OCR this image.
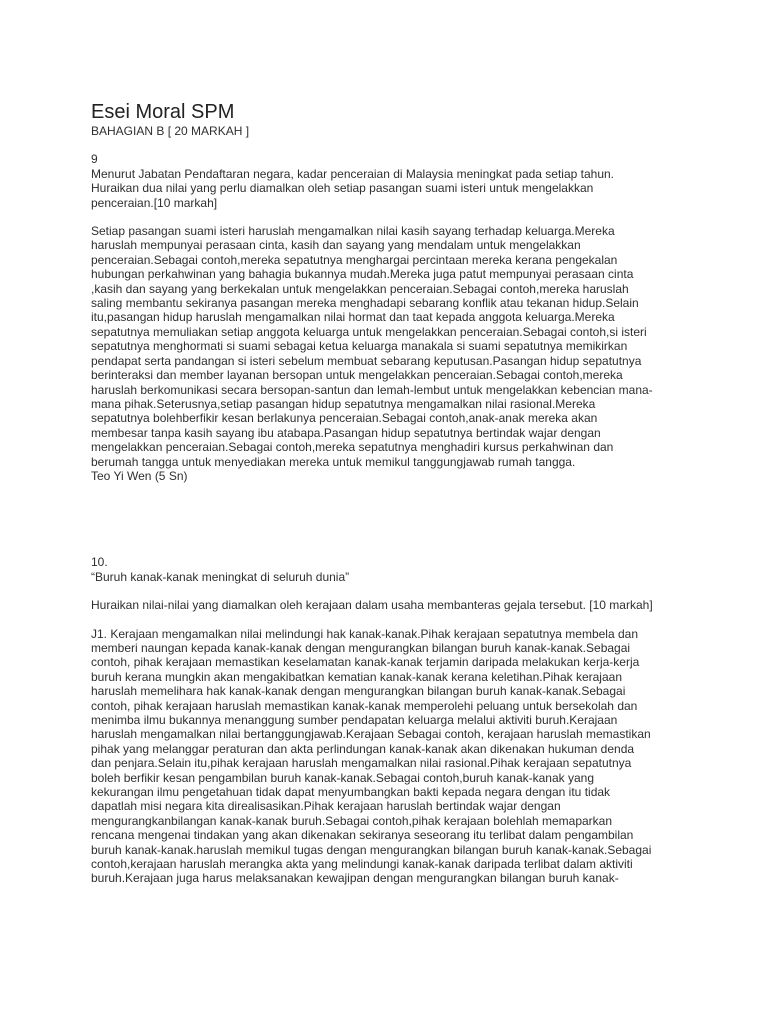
Esei Moral SPM

BAHAGIAN B [ 20 MARKAH ]

9

Menurut Jabatan Pendaftaran negara, kadar penceraian di Malaysia meningkat pada setiap tahun.
Huraikan dua nilai yang perlu diamalkan oleh setiap pasangan suami isteri untuk mengelakkan
penceraian.[10 markah]

Setiap pasangan suami isteri haruslah mengamalkan nilai kasih sayang terhadap keluarga.Mereka
haruslah mempunyai perasaan cinta, kasih dan sayang yang mendalam untuk mengelakkan
penceraian.Sebagai contoh,mereka sepatutnya menghargai percintaan mereka kerana pengekalan
hubungan perkahwinan yang bahagia bukannya mudah.Mereka juga patut mempunyai perasaan cinta
,kasih dan sayang yang berkekalan untuk mengelakkan penceraian.Sebagai contoh,mereka haruslah
saling membantu sekiranya pasangan mereka menghadapi sebarang konflik atau tekanan hidup.Selain
itu,pasangan hidup haruslah mengamalkan nilai hormat dan taat kepada anggota keluarga.Mereka
sepatutnya memuliakan setiap anggota keluarga untuk mengelakkan penceraian.Sebagai contoh,si isteri
sepatutnya menghormati si suami sebagai ketua keluarga manakala si suami sepatutnya memikirkan
pendapat serta pandangan si isteri sebelum membuat sebarang keputusan.Pasangan hidup sepatutnya
berinteraksi dan member layanan bersopan untuk mengelakkan penceraian.Sebagai contoh,mereka
haruslah berkomunikasi secara bersopan-santun dan lemah-lembut untuk mengelakkan kebencian mana-
mana pihak.Seterusnya,setiap pasangan hidup sepatutnya mengamalkan nilai rasional.Mereka
sepatutnya bolehberfikir kesan berlakunya penceraian.Sebagai contoh,anak-anak mereka akan
membesar tanpa kasih sayang ibu atabapa.Pasangan hidup sepatutnya bertindak wajar dengan
mengelakkan penceraian.Sebagai contoh,mereka sepatutnya menghadiri kursus perkahwinan dan
berumah tangga untuk menyediakan mereka untuk memikul tanggungjawab rumah tangga.

Teo Yi Wen (5 Sn)

10.

“Buruh kanak-kanak meningkat di seluruh dunia”

Huraikan nilai-nilai yang diamalkan oleh kerajaan dalam usaha membanteras gejala tersebut. [10 markah]

J1. Kerajaan mengamalkan nilai melindungi hak kanak-kanak.Pihak kerajaan sepatutnya membela dan
memberi naungan kepada kanak-kanak dengan mengurangkan bilangan buruh kanak-kanak.Sebagai
contoh, pihak kerajaan memastikan keselamatan kanak-kanak terjamin daripada melakukan kerja-kerja
buruh kerana mungkin akan mengakibatkan kematian kanak-kanak kerana keletihan.Pihak kerajaan
haruslah memelihara hak kanak-kanak dengan mengurangkan bilangan buruh kanak-kanak.Sebagai
contoh, pihak kerajaan haruslah memastikan kanak-kanak memperolehi peluang untuk bersekolah dan
menimba ilmu bukannya menanggung sumber pendapatan keluarga melalui aktiviti buruh.Kerajaan
haruslah mengamalkan nilai bertanggungjawab.Kerajaan Sebagai contoh, kerajaan haruslah memastikan
pihak yang melanggar peraturan dan akta perlindungan kanak-kanak akan dikenakan hukuman denda
dan penjara.Selain itu,pihak kerajaan haruslah mengamalkan nilai rasional.Pihak kerajaan sepatutnya
boleh berfikir kesan pengambilan buruh kanak-kanak.Sebagai contoh,buruh kanak-kanak yang
kekurangan ilmu pengetahuan tidak dapat menyumbangkan bakti kepada negara dengan itu tidak
dapatlah misi negara kita direalisasikan.Pihak kerajaan haruslah bertindak wajar dengan
mengurangkanbilangan kanak-kanak buruh.Sebagai contoh,pihak kerajaan bolehlah memaparkan
rencana mengenai tindakan yang akan dikenakan sekiranya seseorang itu terlibat dalam pengambilan
buruh kanak-kanak.haruslah memikul tugas dengan mengurangkan bilangan buruh kanak-kanak.Sebagai
contoh,kerajaan haruslah merangka akta yang melindungi kanak-kanak daripada terlibat dalam aktiviti
buruh.Kerajaan juga harus melaksanakan kewajipan dengan mengurangkan bilangan buruh kanak-
